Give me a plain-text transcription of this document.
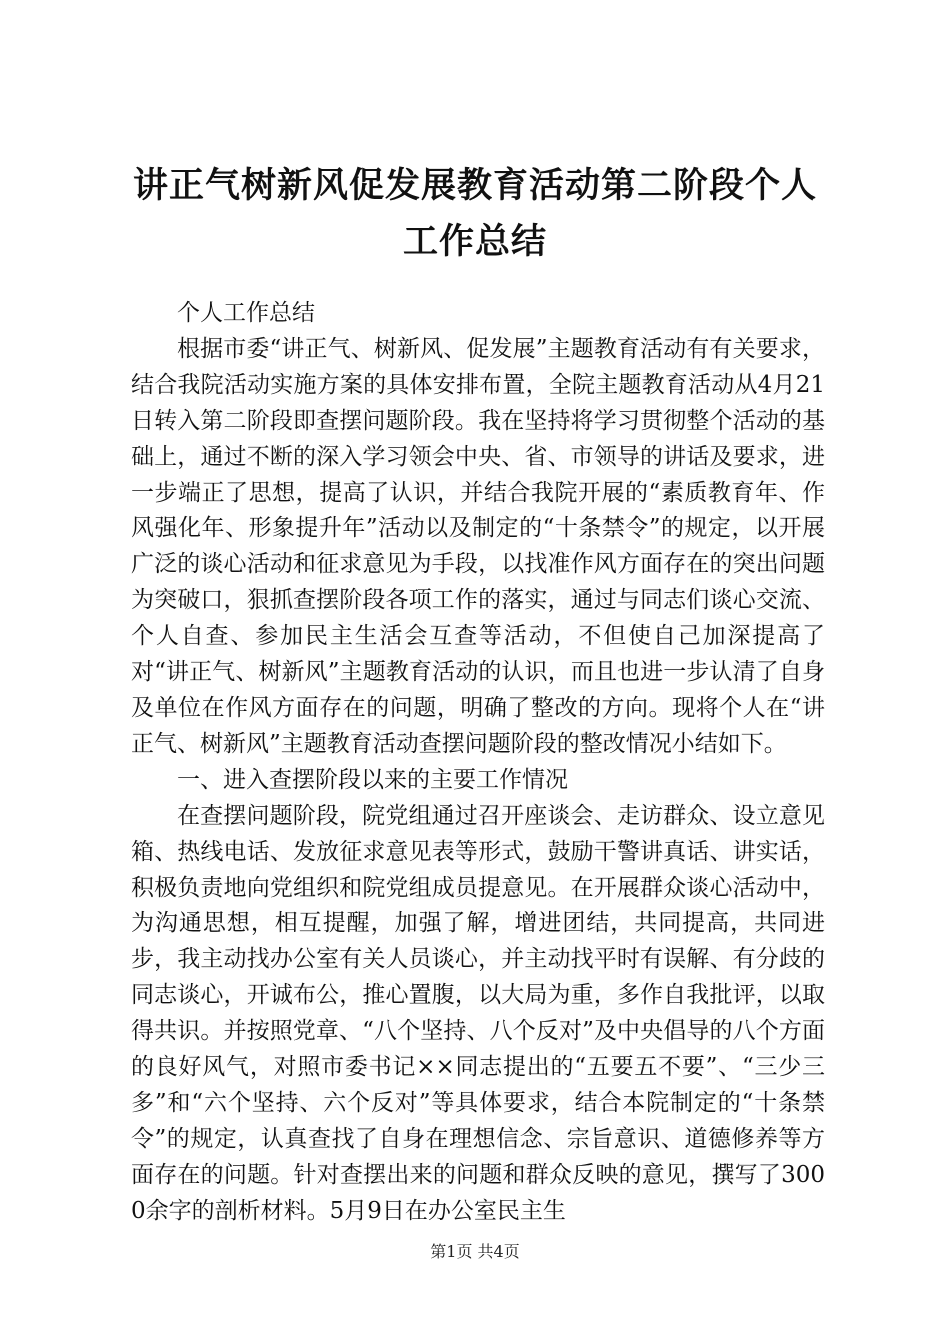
讲正气树新风促发展教育活动第二阶段个人工作总结

个人工作总结

根据市委“讲正气、树新风、促发展”主题教育活动有有关要求，结合我院活动实施方案的具体安排布置，全院主题教育活动从4月21日转入第二阶段即查摆问题阶段。我在坚持将学习贯彻整个活动的基础上，通过不断的深入学习领会中央、省、市领导的讲话及要求，进一步端正了思想，提高了认识，并结合我院开展的“素质教育年、作风强化年、形象提升年”活动以及制定的“十条禁令”的规定，以开展广泛的谈心活动和征求意见为手段，以找准作风方面存在的突出问题为突破口，狠抓查摆阶段各项工作的落实，通过与同志们谈心交流、个人自查、参加民主生活会互查等活动，不但使自己加深提高了对“讲正气、树新风”主题教育活动的认识，而且也进一步认清了自身及单位在作风方面存在的问题，明确了整改的方向。现将个人在“讲正气、树新风”主题教育活动查摆问题阶段的整改情况小结如下。

一、进入查摆阶段以来的主要工作情况

在查摆问题阶段，院党组通过召开座谈会、走访群众、设立意见箱、热线电话、发放征求意见表等形式，鼓励干警讲真话、讲实话，积极负责地向党组织和院党组成员提意见。在开展群众谈心活动中，为沟通思想，相互提醒，加强了解，增进团结，共同提高，共同进步，我主动找办公室有关人员谈心，并主动找平时有误解、有分歧的同志谈心，开诚布公，推心置腹，以大局为重，多作自我批评，以取得共识。并按照党章、“八个坚持、八个反对”及中央倡导的八个方面的良好风气，对照市委书记××同志提出的“五要五不要”、“三少三多”和“六个坚持、六个反对”等具体要求，结合本院制定的“十条禁令”的规定，认真查找了自身在理想信念、宗旨意识、道德修养等方面存在的问题。针对查摆出来的问题和群众反映的意见，撰写了3000余字的剖析材料。5月9日在办公室民主生

第1页 共4页
